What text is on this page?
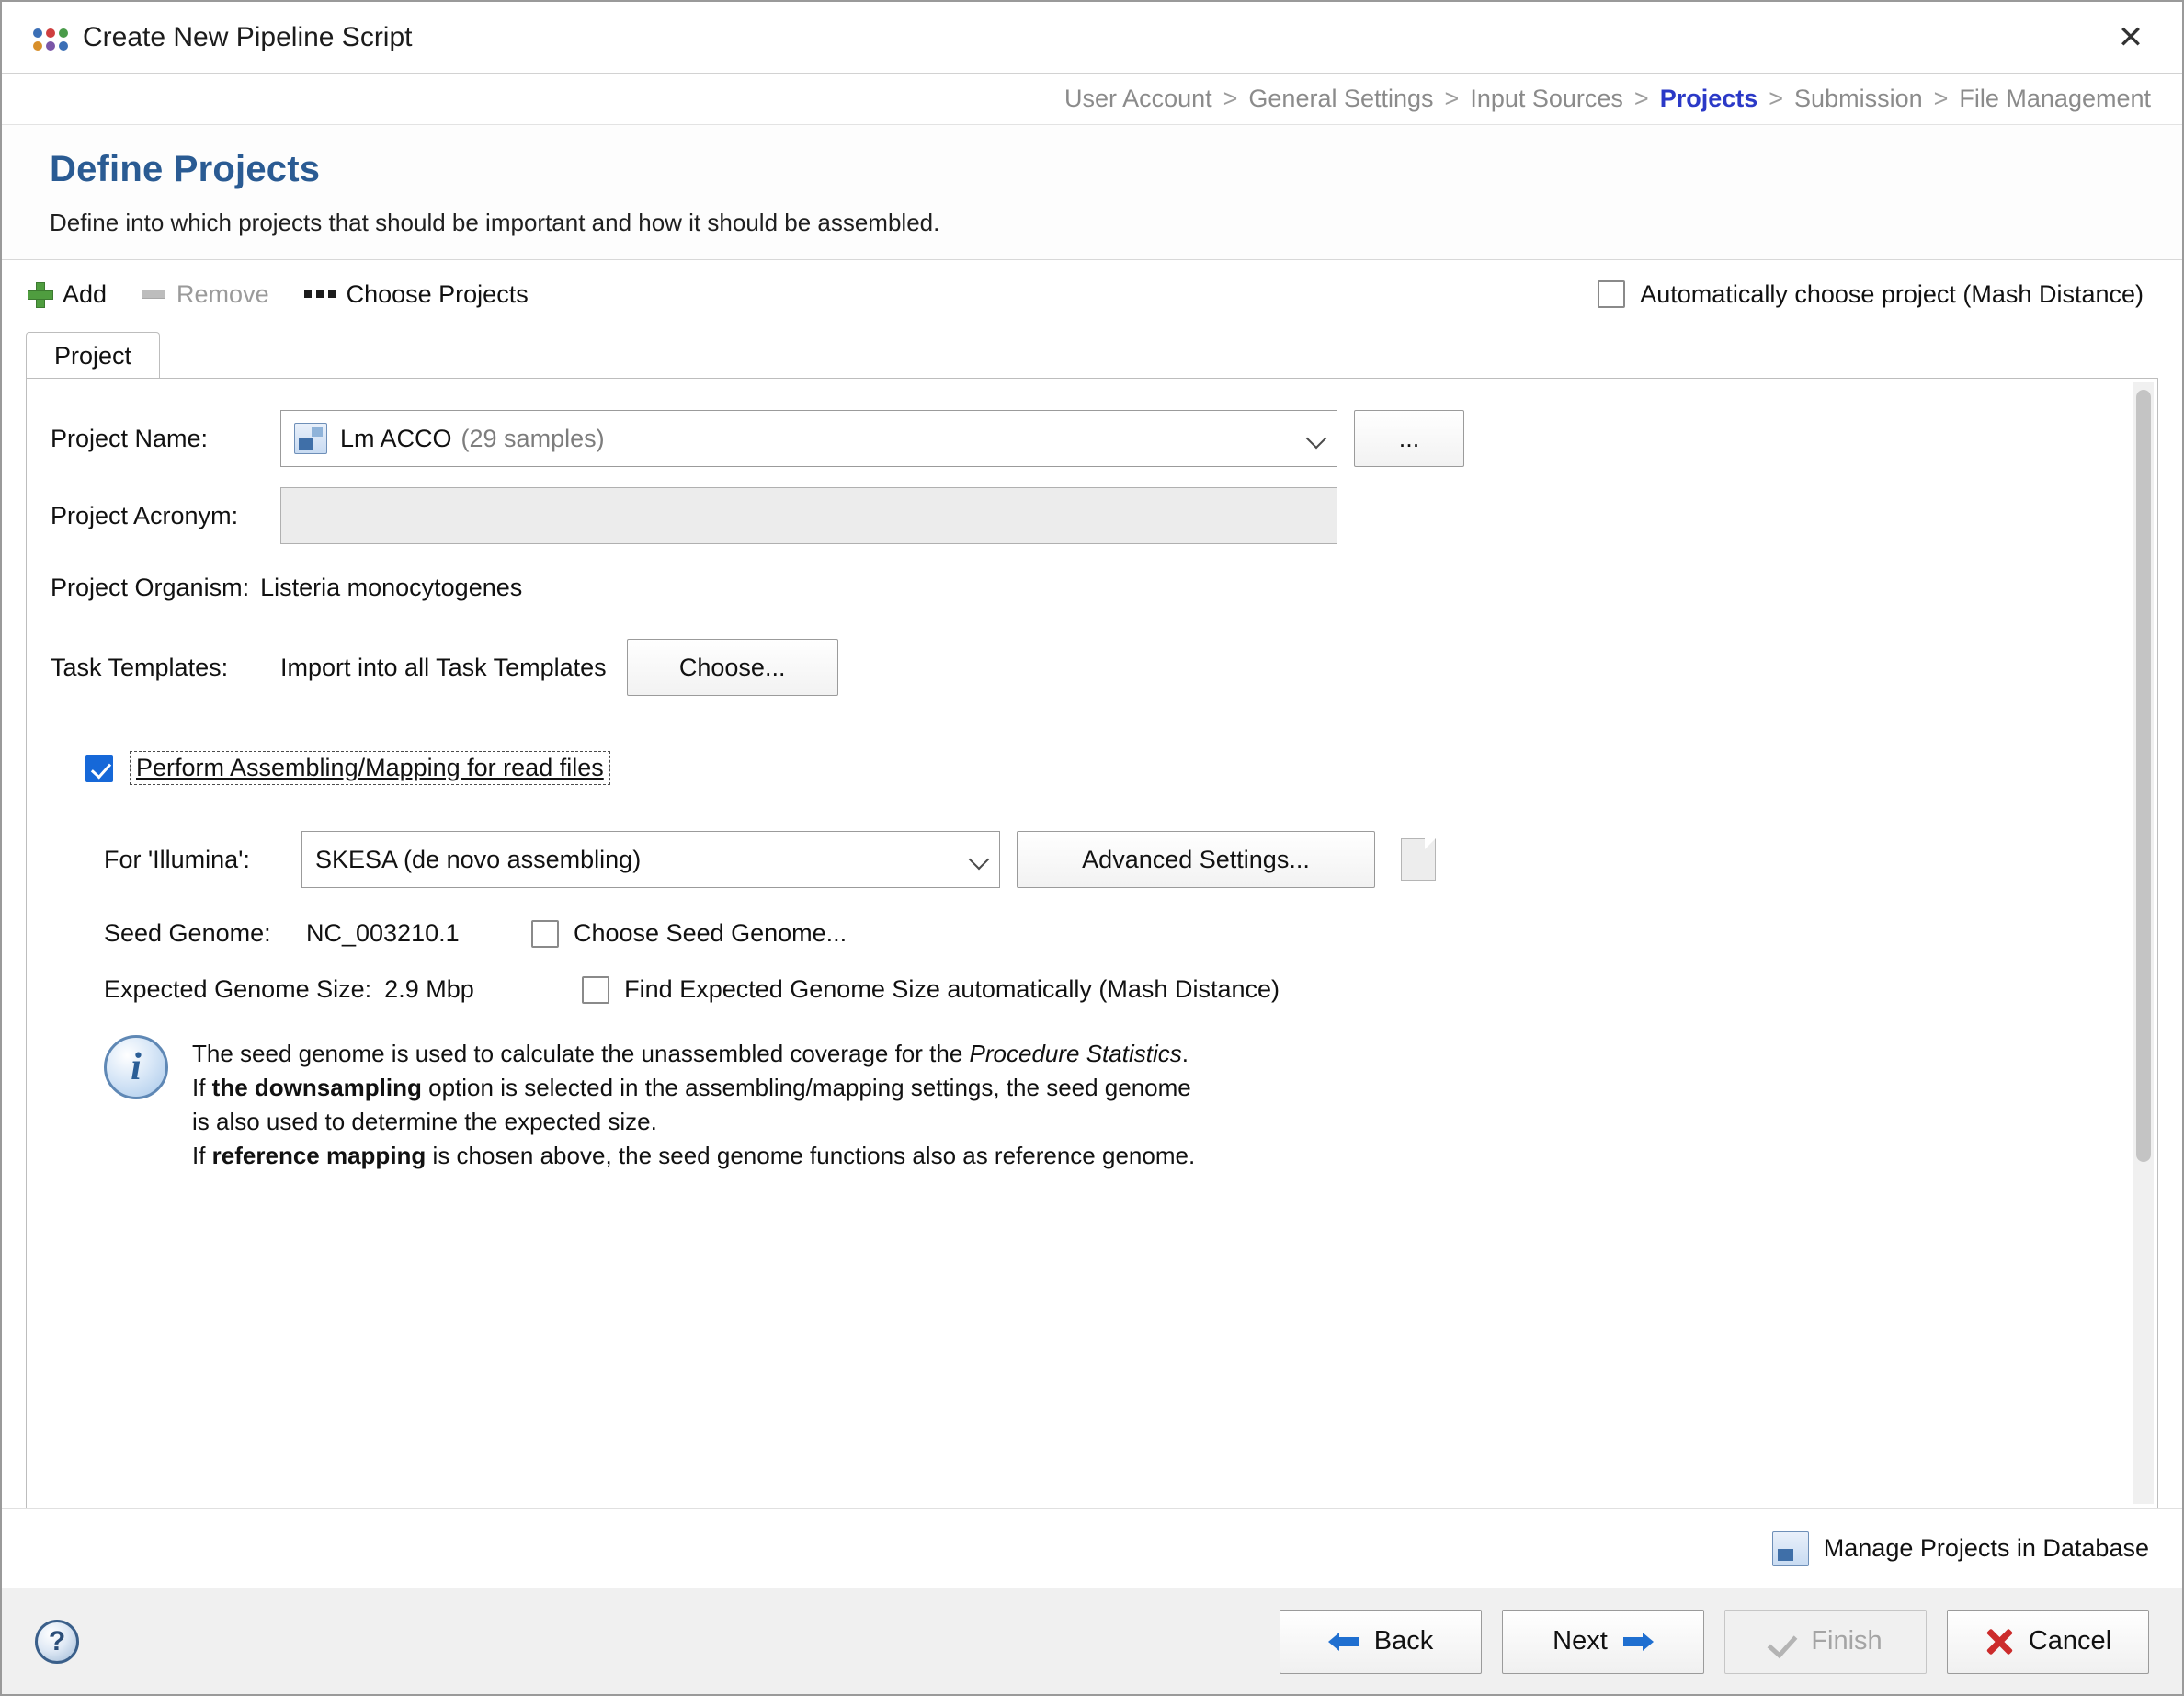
Create New Pipeline Script	✕
User Account > General Settings > Input Sources > Projects > Submission > File Management
Define Projects
Define into which projects that should be important and how it should be assembled.
Add	Remove	Choose Projects	Automatically choose project (Mash Distance)
Project
Project Name:	Lm ACCO (29 samples)	...
Project Acronym:
Project Organism: Listeria monocytogenes
Task Templates:	Import into all Task Templates	Choose...
Perform Assembling/Mapping for read files
For 'Illumina':	SKESA (de novo assembling)	Advanced Settings...
Seed Genome:	NC_003210.1	Choose Seed Genome...
Expected Genome Size: 2.9 Mbp	Find Expected Genome Size automatically (Mash Distance)
i	The seed genome is used to calculate the unassembled coverage for the Procedure Statistics.
If the downsampling option is selected in the assembling/mapping settings, the seed genome
is also used to determine the expected size.
If reference mapping is chosen above, the seed genome functions also as reference genome.
Manage Projects in Database
?	Back	Next	Finish	Cancel
